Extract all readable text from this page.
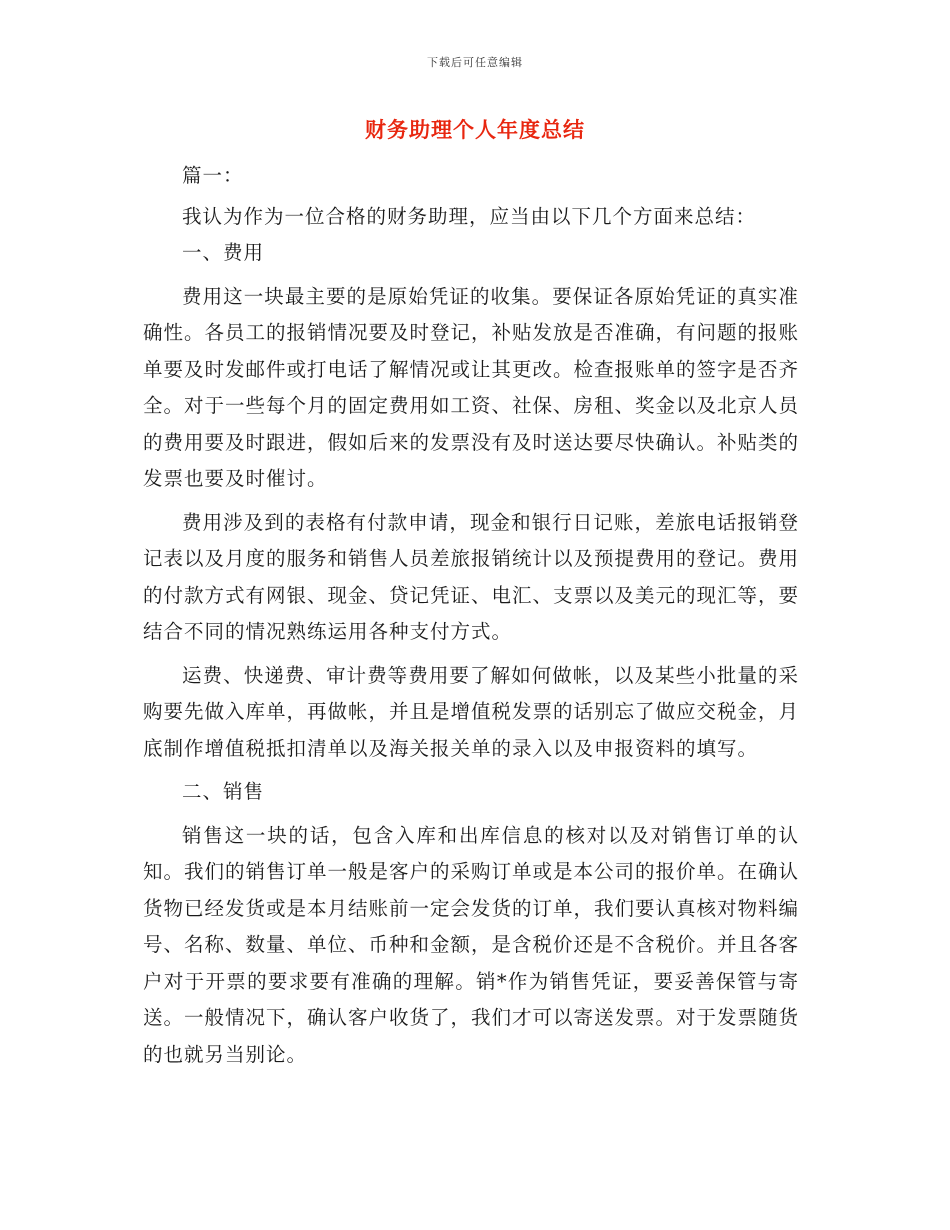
下载后可任意编辑
财务助理个人年度总结

篇一：

我认为作为一位合格的财务助理，应当由以下几个方面来总结：

一、费用

费用这一块最主要的是原始凭证的收集。要保证各原始凭证的真实准确性。各员工的报销情况要及时登记，补贴发放是否准确，有问题的报账单要及时发邮件或打电话了解情况或让其更改。检查报账单的签字是否齐全。对于一些每个月的固定费用如工资、社保、房租、奖金以及北京人员的费用要及时跟进，假如后来的发票没有及时送达要尽快确认。补贴类的发票也要及时催讨。

费用涉及到的表格有付款申请，现金和银行日记账，差旅电话报销登记表以及月度的服务和销售人员差旅报销统计以及预提费用的登记。费用的付款方式有网银、现金、贷记凭证、电汇、支票以及美元的现汇等，要结合不同的情况熟练运用各种支付方式。

运费、快递费、审计费等费用要了解如何做帐，以及某些小批量的采购要先做入库单，再做帐，并且是增值税发票的话别忘了做应交税金，月底制作增值税抵扣清单以及海关报关单的录入以及申报资料的填写。

二、销售

销售这一块的话，包含入库和出库信息的核对以及对销售订单的认知。我们的销售订单一般是客户的采购订单或是本公司的报价单。在确认货物已经发货或是本月结账前一定会发货的订单，我们要认真核对物料编号、名称、数量、单位、币种和金额，是含税价还是不含税价。并且各客户对于开票的要求要有准确的理解。销*作为销售凭证，要妥善保管与寄送。一般情况下，确认客户收货了，我们才可以寄送发票。对于发票随货的也就另当别论。
